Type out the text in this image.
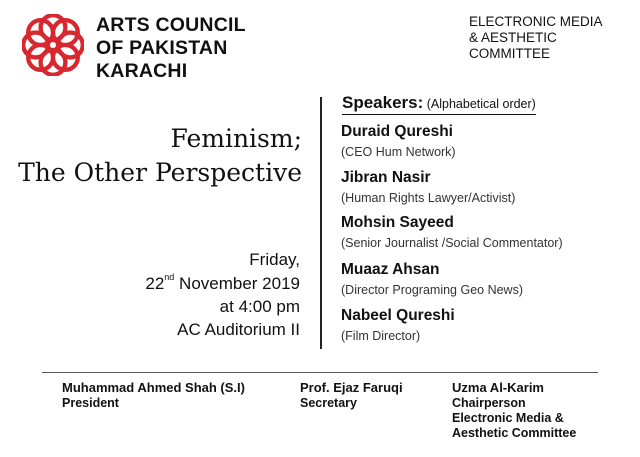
ARTS COUNCIL
OF PAKISTAN
KARACHI
ELECTRONIC MEDIA
& AESTHETIC
COMMITTEE
Feminism;
The Other Perspective
Friday,
22nd November 2019
at 4:00 pm
AC Auditorium II
Speakers: (Alphabetical order)
Duraid Qureshi
(CEO Hum Network)
Jibran Nasir
(Human Rights Lawyer/Activist)
Mohsin Sayeed
(Senior Journalist /Social Commentator)
Muaaz Ahsan
(Director Programing Geo News)
Nabeel Qureshi
(Film Director)
Muhammad Ahmed Shah (S.I)
President
Prof. Ejaz Faruqi
Secretary
Uzma Al-Karim
Chairperson
Electronic Media &
Aesthetic Committee
